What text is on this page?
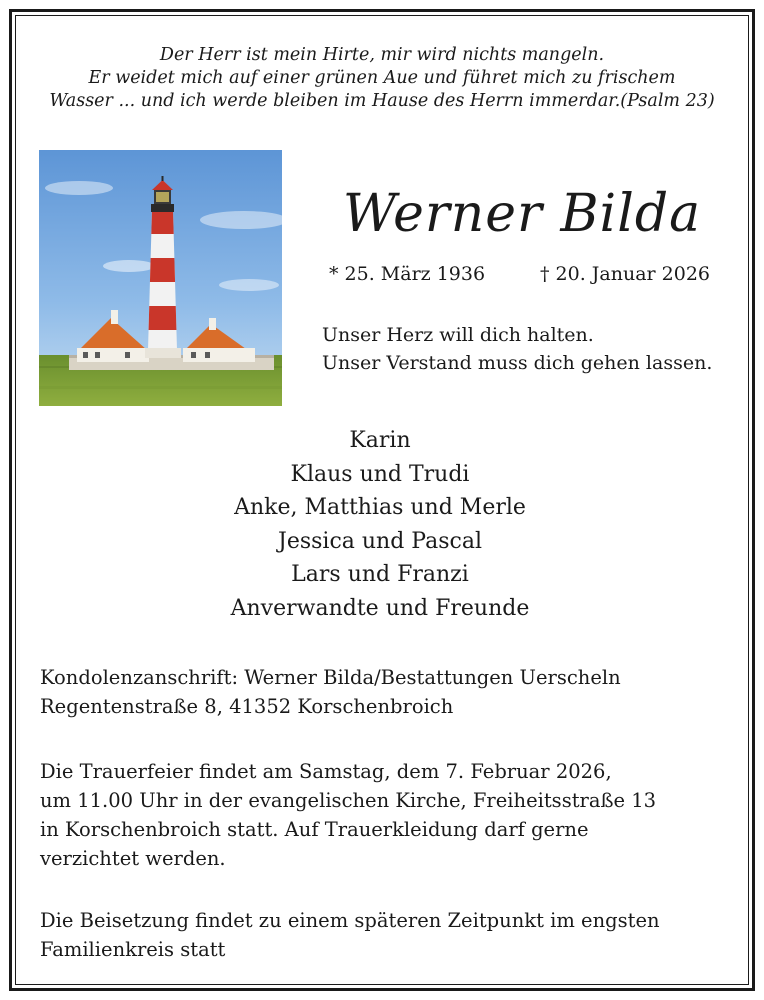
Der Herr ist mein Hirte, mir wird nichts mangeln.
Er weidet mich auf einer grünen Aue und führet mich zu frischem
Wasser ... und ich werde bleiben im Hause des Herrn immerdar.(Psalm 23)
Werner Bilda
* 25. März 1936	† 20. Januar 2026
Unser Herz will dich halten.
Unser Verstand muss dich gehen lassen.
Karin
Klaus und Trudi
Anke, Matthias und Merle
Jessica und Pascal
Lars und Franzi
Anverwandte und Freunde
Kondolenzanschrift: Werner Bilda/Bestattungen Uerscheln
Regentenstraße 8, 41352 Korschenbroich
Die Trauerfeier findet am Samstag, dem 7. Februar 2026,
um 11.00 Uhr in der evangelischen Kirche, Freiheitsstraße 13
in Korschenbroich statt. Auf Trauerkleidung darf gerne
verzichtet werden.
Die Beisetzung findet zu einem späteren Zeitpunkt im engsten
Familienkreis statt
